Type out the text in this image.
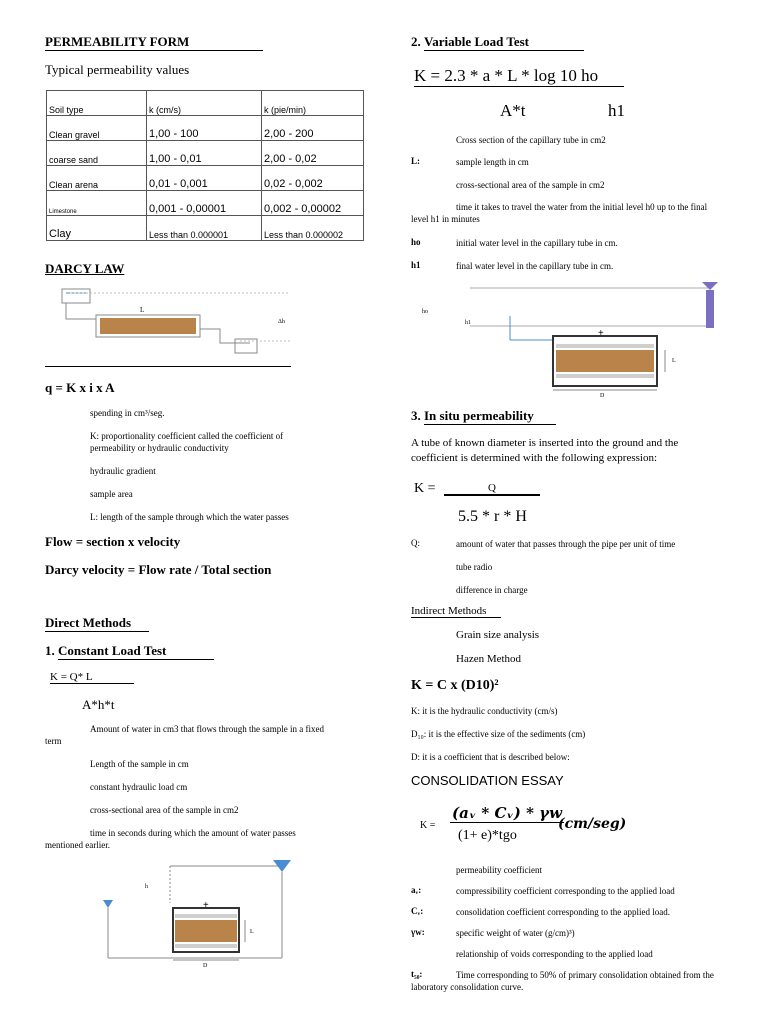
PERMEABILITY FORM
Typical permeability values
Soil type	k (cm/s)	k (pie/min)
Clean gravel	1,00 - 100	2,00 - 200
coarse sand	1,00 - 0,01	2,00 - 0,02
Clean arena	0,01 - 0,001	0,02 - 0,002
Limestone	0,001 - 0,00001	0,002 - 0,00002
Clay	Less than 0.000001	Less than 0.000002
DARCY LAW
L
Δh
q = K x i x A
spending in cm³/seg.
K: proportionality coefficient called the coefficient of permeability or hydraulic conductivity
hydraulic gradient
sample area
L: length of the sample through which the water passes
Flow = section x velocity
Darcy velocity = Flow rate / Total section
Direct Methods
1. Constant Load Test
K = Q* L
A*h*t
Amount of water in cm3 that flows through the sample in a fixed term
Length of the sample in cm
constant hydraulic load cm
cross-sectional area of the sample in cm2
time in seconds during which the amount of water passes mentioned earlier.
h
+
L
D
2. Variable Load Test
K = 2.3 * a * L * log 10 ho
A*t	h1
Cross section of the capillary tube in cm2
L:	sample length in cm
cross-sectional area of the sample in cm2
time it takes to travel the water from the initial level h0 up to the final level h1 in minutes
ho	initial water level in the capillary tube in cm.
h1	final water level in the capillary tube in cm.
ho
h1
+
L
D
3. In situ permeability
A tube of known diameter is inserted into the ground and the coefficient is determined with the following expression:
K =	Q
5.5 * r * H
Q:	amount of water that passes through the pipe per unit of time
tube radio
difference in charge
Indirect Methods
Grain size analysis
Hazen Method
K = C x (D10)²
K: it is the hydraulic conductivity (cm/s)
D₁₀: it is the effective size of the sediments (cm)
D: it is a coefficient that is described below:
CONSOLIDATION ESSAY
K =
(aᵥ * Cᵥ) * γw
(1+ e)*tgo
(cm/seg)
permeability coefficient
aᵥ:	compressibility coefficient corresponding to the applied load
Cᵥ:	consolidation coefficient corresponding to the applied load.
γw:	specific weight of water (g/cm)³)
relationship of voids corresponding to the applied load
t₅₀:	Time corresponding to 50% of primary consolidation obtained from the laboratory consolidation curve.
